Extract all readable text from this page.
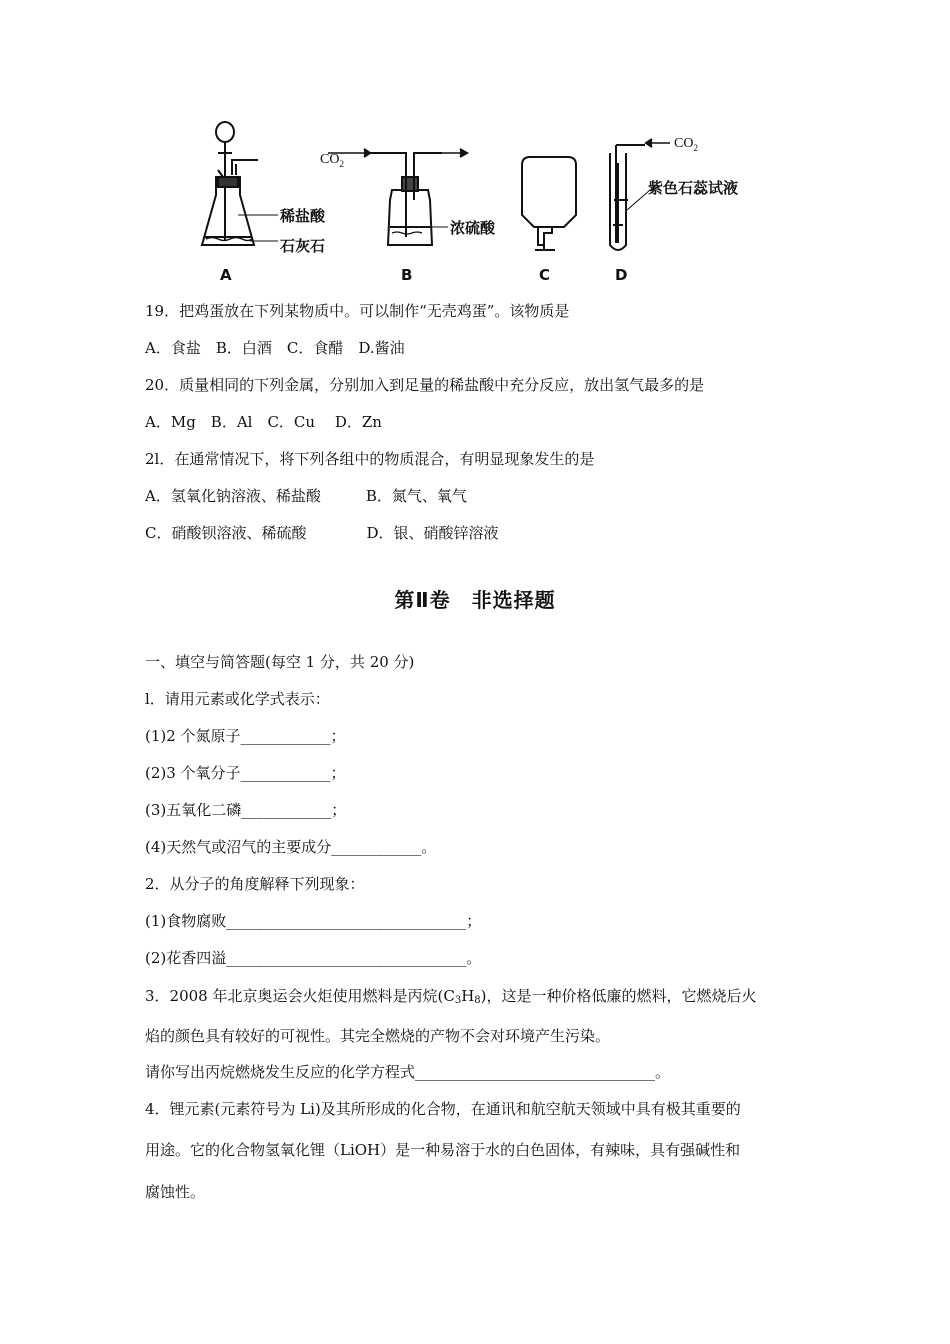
A	B	C	D
稀盐酸
石灰石
浓硫酸
紫色石蕊试液
$CO_2$
$CO_2$
19．把鸡蛋放在下列某物质中。可以制作“无壳鸡蛋”。该物质是
A．食盐　B．白酒　C．食醋　D.酱油
20．质量相同的下列金属，分别加入到足量的稀盐酸中充分反应，放出氢气最多的是
A．Mg　B．Al　C．Cu　 D．Zn
2l．在通常情况下，将下列各组中的物质混合，有明显现象发生的是
A．氢氧化钠溶液、稀盐酸　　　B．氮气、氧气
C．硝酸钡溶液、稀硫酸　　　　D．银、硝酸锌溶液
第Ⅱ卷　非选择题
一、填空与简答题(每空 1 分，共 20 分)
l．请用元素或化学式表示：
(1)2 个氮原子____________；
(2)3 个氧分子____________；
(3)五氧化二磷____________；
(4)天然气或沼气的主要成分____________。
2．从分子的角度解释下列现象：
(1)食物腐败________________________________；
(2)花香四溢________________________________。
3．2008 年北京奥运会火炬使用燃料是丙烷$(C_3H_8)$，这是一种价格低廉的燃料，它燃烧后火
焰的颜色具有较好的可视性。其完全燃烧的产物不会对环境产生污染。
请你写出丙烷燃烧发生反应的化学方程式________________________________。
4．锂元素(元素符号为 Li)及其所形成的化合物，在通讯和航空航天领域中具有极其重要的
用途。它的化合物氢氧化锂（LiOH）是一种易溶于水的白色固体，有辣味，具有强碱性和
腐蚀性。
